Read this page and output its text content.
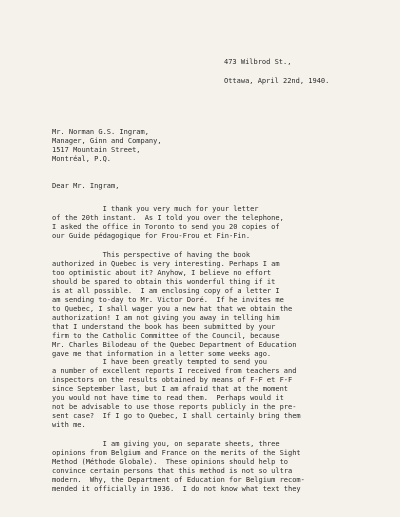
473 Wilbrod St.,
Ottawa, April 22nd, 1940.
Mr. Norman G.S. Ingram,
Manager, Ginn and Company,
1517 Mountain Street,
Montréal, P.Q.
Dear Mr. Ingram,
I thank you very much for your letter
of the 20th instant.  As I told you over the telephone,
I asked the office in Toronto to send you 20 copies of
our Guide pédagogique for Frou-Frou et Fin-Fin.
This perspective of having the book
authorized in Quebec is very interesting. Perhaps I am
too optimistic about it? Anyhow, I believe no effort
should be spared to obtain this wonderful thing if it
is at all possible.  I am enclosing copy of a letter I
am sending to-day to Mr. Victor Doré.  If he invites me
to Quebec, I shall wager you a new hat that we obtain the
authorization! I am not giving you away in telling him
that I understand the book has been submitted by your
firm to the Catholic Committee of the Council, because
Mr. Charles Bilodeau of the Quebec Department of Education
gave me that information in a letter some weeks ago.
I have been greatly tempted to send you
a number of excellent reports I received from teachers and
inspectors on the results obtained by means of F-F et F-F
since September last, but I am afraid that at the moment
you would not have time to read them.  Perhaps would it
not be advisable to use those reports publicly in the pre-
sent case?  If I go to Quebec, I shall certainly bring them
with me.
I am giving you, on separate sheets, three
opinions from Belgium and France on the merits of the Sight
Method (Méthode Globale).  These opinions should help to
convince certain persons that this method is not so ultra
modern.  Why, the Department of Education for Belgium recom-
mended it officially in 1936.  I do not know what text they
